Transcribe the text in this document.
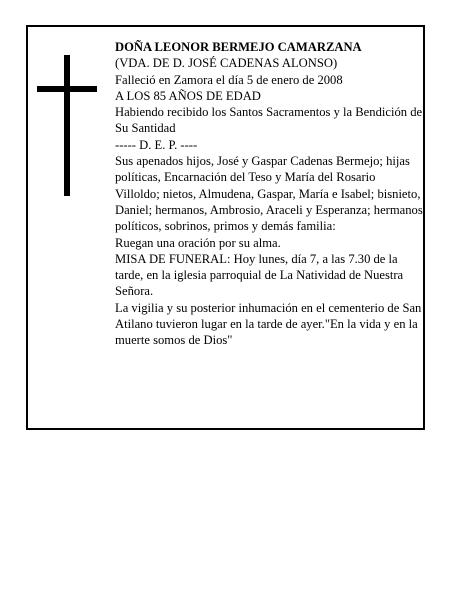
DOÑA LEONOR BERMEJO CAMARZANA

(VDA. DE D. JOSÉ CADENAS ALONSO)

Falleció en Zamora el día 5 de enero de 2008

A LOS 85 AÑOS DE EDAD

Habiendo recibido los Santos Sacramentos y la Bendición de Su Santidad

----- D. E. P. ----

Sus apenados hijos, José y Gaspar Cadenas Bermejo; hijas políticas, Encarnación del Teso y María del Rosario Villoldo; nietos, Almudena, Gaspar, María e Isabel; bisnieto, Daniel; hermanos, Ambrosio, Araceli y Esperanza; hermanos políticos, sobrinos, primos y demás familia:

Ruegan una oración por su alma.

MISA DE FUNERAL: Hoy lunes, día 7, a las 7.30 de la tarde, en la iglesia parroquial de La Natividad de Nuestra Señora.

La vigilia y su posterior inhumación en el cementerio de San Atilano tuvieron lugar en la tarde de ayer."En la vida y en la muerte somos de Dios"
